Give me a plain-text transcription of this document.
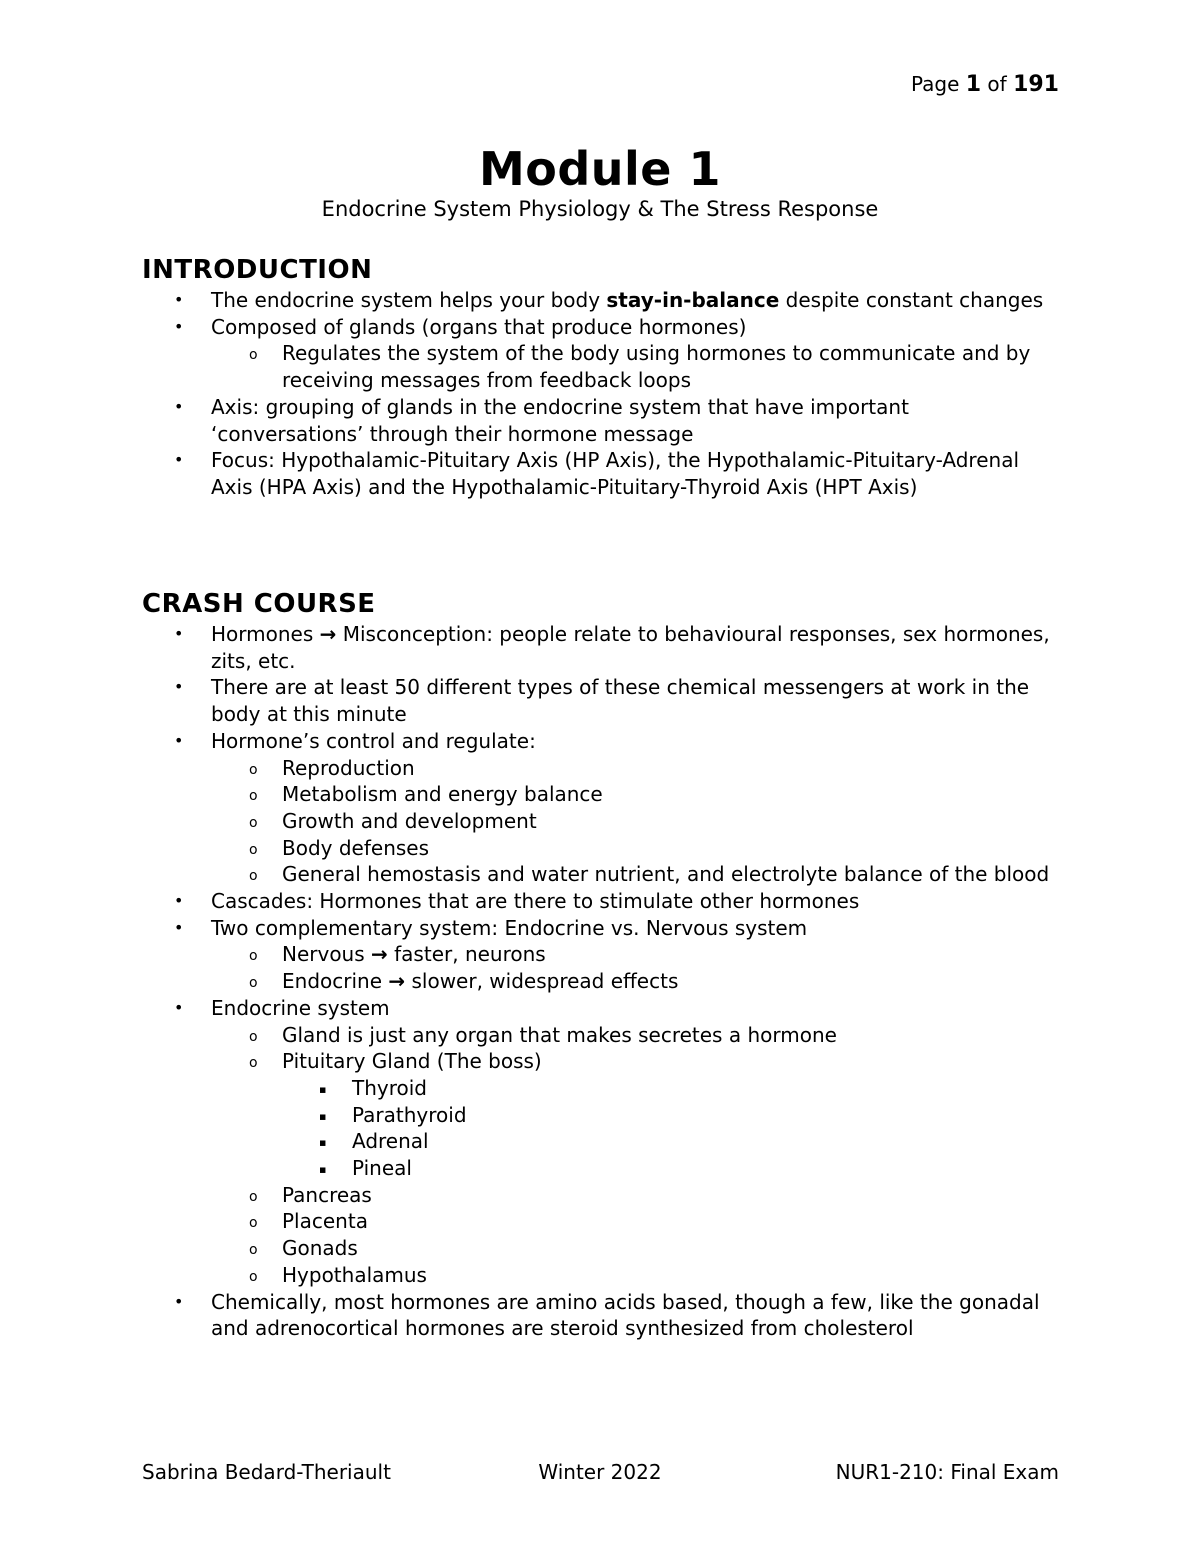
Page 1 of 191
Module 1

Endocrine System Physiology & The Stress Response

INTRODUCTION
• The endocrine system helps your body stay-in-balance despite constant changes
• Composed of glands (organs that produce hormones)
o Regulates the system of the body using hormones to communicate and by receiving messages from feedback loops
• Axis: grouping of glands in the endocrine system that have important ‘conversations’ through their hormone message
• Focus: Hypothalamic-Pituitary Axis (HP Axis), the Hypothalamic-Pituitary-Adrenal Axis (HPA Axis) and the Hypothalamic-Pituitary-Thyroid Axis (HPT Axis)
CRASH COURSE
• Hormones → Misconception: people relate to behavioural responses, sex hormones, zits, etc.
• There are at least 50 different types of these chemical messengers at work in the body at this minute
• Hormone’s control and regulate:
o Reproduction
o Metabolism and energy balance
o Growth and development
o Body defenses
o General hemostasis and water nutrient, and electrolyte balance of the blood
• Cascades: Hormones that are there to stimulate other hormones
• Two complementary system: Endocrine vs. Nervous system
o Nervous → faster, neurons
o Endocrine → slower, widespread effects
• Endocrine system
o Gland is just any organ that makes secretes a hormone
o Pituitary Gland (The boss)
▪ Thyroid
▪ Parathyroid
▪ Adrenal
▪ Pineal
o Pancreas
o Placenta
o Gonads
o Hypothalamus
• Chemically, most hormones are amino acids based, though a few, like the gonadal and adrenocortical hormones are steroid synthesized from cholesterol
Sabrina Bedard-Theriault	Winter 2022	NUR1-210: Final Exam
